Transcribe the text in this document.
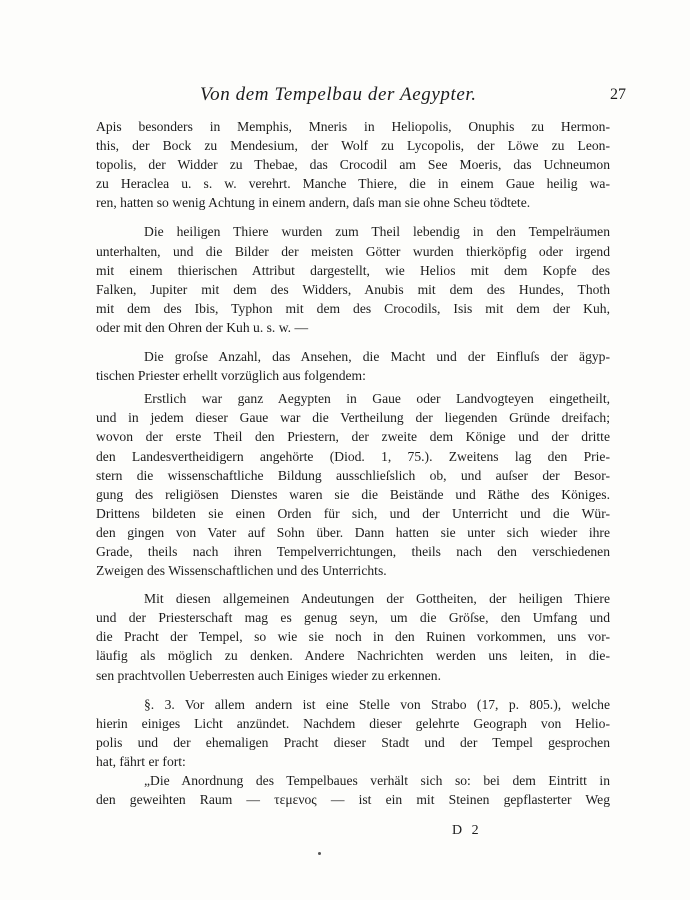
Von dem Tempelbau der Aegypter.	27
Apis besonders in Memphis, Mneris in Heliopolis, Onuphis zu Hermon-
this, der Bock zu Mendesium, der Wolf zu Lycopolis, der Löwe zu Leon-
topolis, der Widder zu Thebae, das Crocodil am See Moeris, das Uchneumon
zu Heraclea u. s. w. verehrt. Manche Thiere, die in einem Gaue heilig wa-
ren, hatten so wenig Achtung in einem andern, daſs man sie ohne Scheu tödtete.
Die heiligen Thiere wurden zum Theil lebendig in den Tempelräumen
unterhalten, und die Bilder der meisten Götter wurden thierköpfig oder irgend
mit einem thierischen Attribut dargestellt, wie Helios mit dem Kopfe des
Falken, Jupiter mit dem des Widders, Anubis mit dem des Hundes, Thoth
mit dem des Ibis, Typhon mit dem des Crocodils, Isis mit dem der Kuh,
oder mit den Ohren der Kuh u. s. w. —
Die groſse Anzahl, das Ansehen, die Macht und der Einfluſs der ägyp-
tischen Priester erhellt vorzüglich aus folgendem:
Erstlich war ganz Aegypten in Gaue oder Landvogteyen eingetheilt,
und in jedem dieser Gaue war die Vertheilung der liegenden Gründe dreifach;
wovon der erste Theil den Priestern, der zweite dem Könige und der dritte
den Landesvertheidigern angehörte (Diod. 1, 75.). Zweitens lag den Prie-
stern die wissenschaftliche Bildung ausschlieſslich ob, und auſser der Besor-
gung des religiösen Dienstes waren sie die Beistände und Räthe des Königes.
Drittens bildeten sie einen Orden für sich, und der Unterricht und die Wür-
den gingen von Vater auf Sohn über. Dann hatten sie unter sich wieder ihre
Grade, theils nach ihren Tempelverrichtungen, theils nach den verschiedenen
Zweigen des Wissenschaftlichen und des Unterrichts.
Mit diesen allgemeinen Andeutungen der Gottheiten, der heiligen Thiere
und der Priesterschaft mag es genug seyn, um die Gröſse, den Umfang und
die Pracht der Tempel, so wie sie noch in den Ruinen vorkommen, uns vor-
läufig als möglich zu denken. Andere Nachrichten werden uns leiten, in die-
sen prachtvollen Ueberresten auch Einiges wieder zu erkennen.
§. 3. Vor allem andern ist eine Stelle von Strabo (17, p. 805.), welche
hierin einiges Licht anzündet. Nachdem dieser gelehrte Geograph von Helio-
polis und der ehemaligen Pracht dieser Stadt und der Tempel gesprochen
hat, fährt er fort:
„Die Anordnung des Tempelbaues verhält sich so: bei dem Eintritt in
den geweihten Raum — τεμενος — ist ein mit Steinen gepflasterter Weg
D 2
